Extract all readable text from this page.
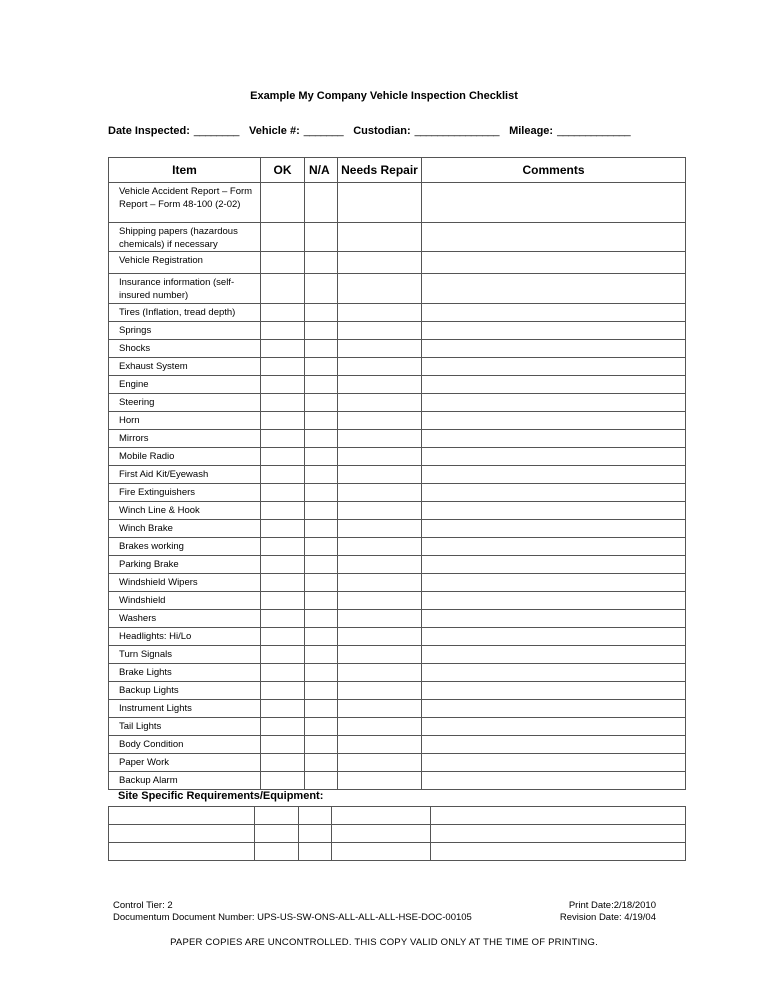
Example My Company Vehicle Inspection Checklist
Date Inspected: ________ Vehicle #: _______ Custodian: _______________ Mileage: _____________
Item	OK	N/A	Needs Repair	Comments
Vehicle Accident Report – Form Report – Form 48-100 (2-02)				
Shipping papers (hazardous chemicals) if necessary				
Vehicle Registration				
Insurance information (self-insured number)				
Tires (Inflation, tread depth)				
Springs				
Shocks				
Exhaust System				
Engine				
Steering				
Horn				
Mirrors				
Mobile Radio				
First Aid Kit/Eyewash				
Fire Extinguishers				
Winch Line & Hook				
Winch Brake				
Brakes working				
Parking Brake				
Windshield Wipers				
Windshield				
Washers				
Headlights: Hi/Lo				
Turn Signals				
Brake Lights				
Backup Lights				
Instrument Lights				
Tail Lights				
Body Condition				
Paper Work				
Backup Alarm				
Site Specific Requirements/Equipment:

Control Tier: 2
Documentum Document Number: UPS-US-SW-ONS-ALL-ALL-ALL-HSE-DOC-00105
Print Date:2/18/2010
Revision Date: 4/19/04
PAPER COPIES ARE UNCONTROLLED. THIS COPY VALID ONLY AT THE TIME OF PRINTING.
